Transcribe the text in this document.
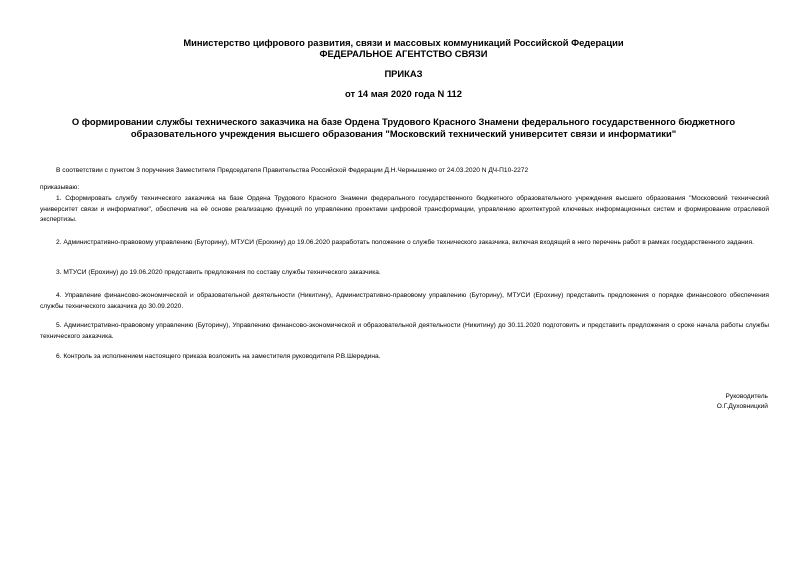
Министерство цифрового развития, связи и массовых коммуникаций Российской Федерации
ФЕДЕРАЛЬНОЕ АГЕНТСТВО СВЯЗИ
ПРИКАЗ
от 14 мая 2020 года N 112
О формировании службы технического заказчика на базе Ордена Трудового Красного Знамени федерального государственного бюджетного образовательного учреждения высшего образования "Московский технический университет связи и информатики"
В соответствии с пунктом 3 поручения Заместителя Председателя Правительства Российской Федерации Д.Н.Чернышенко от 24.03.2020 N ДЧ-П10-2272
приказываю:
1. Сформировать службу технического заказчика на базе Ордена Трудового Красного Знамени федерального государственного бюджетного образовательного учреждения высшего образования "Московский технический университет связи и информатики", обеспечив на её основе реализацию функций по управлению проектами цифровой трансформации, управлению архитектурой ключевых информационных систем и формирование отраслевой экспертизы.
2. Административно-правовому управлению (Буторину), МТУСИ (Ерохину) до 19.06.2020 разработать положение о службе технического заказчика, включая входящий в него перечень работ в рамках государственного задания.
3. МТУСИ (Ерохину) до 19.06.2020 представить предложения по составу службы технического заказчика.
4. Управление финансово-экономической и образовательной деятельности (Никитину), Административно-правовому управлению (Буторину), МТУСИ (Ерохину) представить предложения о порядке финансового обеспечения службы технического заказчика до 30.09.2020.
5. Административно-правовому управлению (Буторину), Управлению финансово-экономической и образовательной деятельности (Никитину) до 30.11.2020 подготовить и представить предложения о сроке начала работы службы технического заказчика.
6. Контроль за исполнением настоящего приказа возложить на заместителя руководителя Р.В.Шередина.
Руководитель
О.Г.Духовницкий
